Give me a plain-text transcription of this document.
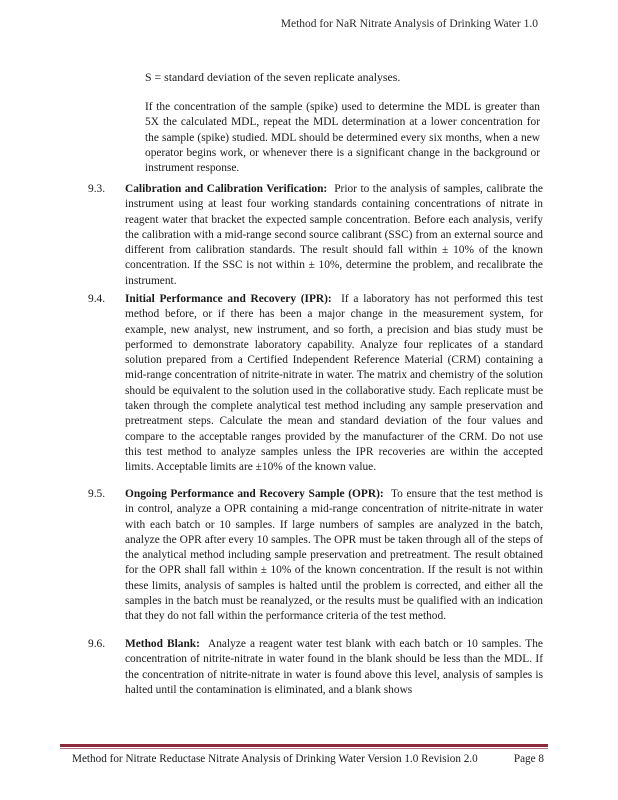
Method for NaR Nitrate Analysis of Drinking Water 1.0

S = standard deviation of the seven replicate analyses.

If the concentration of the sample (spike) used to determine the MDL is greater than 5X the calculated MDL, repeat the MDL determination at a lower concentration for the sample (spike) studied. MDL should be determined every six months, when a new operator begins work, or whenever there is a significant change in the background or instrument response.

9.3. Calibration and Calibration Verification: Prior to the analysis of samples, calibrate the instrument using at least four working standards containing concentrations of nitrate in reagent water that bracket the expected sample concentration. Before each analysis, verify the calibration with a mid-range second source calibrant (SSC) from an external source and different from calibration standards. The result should fall within ± 10% of the known concentration. If the SSC is not within ± 10%, determine the problem, and recalibrate the instrument.

9.4. Initial Performance and Recovery (IPR): If a laboratory has not performed this test method before, or if there has been a major change in the measurement system, for example, new analyst, new instrument, and so forth, a precision and bias study must be performed to demonstrate laboratory capability. Analyze four replicates of a standard solution prepared from a Certified Independent Reference Material (CRM) containing a mid-range concentration of nitrite-nitrate in water. The matrix and chemistry of the solution should be equivalent to the solution used in the collaborative study. Each replicate must be taken through the complete analytical test method including any sample preservation and pretreatment steps. Calculate the mean and standard deviation of the four values and compare to the acceptable ranges provided by the manufacturer of the CRM. Do not use this test method to analyze samples unless the IPR recoveries are within the accepted limits. Acceptable limits are ±10% of the known value.

9.5. Ongoing Performance and Recovery Sample (OPR): To ensure that the test method is in control, analyze a OPR containing a mid-range concentration of nitrite-nitrate in water with each batch or 10 samples. If large numbers of samples are analyzed in the batch, analyze the OPR after every 10 samples. The OPR must be taken through all of the steps of the analytical method including sample preservation and pretreatment. The result obtained for the OPR shall fall within ± 10% of the known concentration. If the result is not within these limits, analysis of samples is halted until the problem is corrected, and either all the samples in the batch must be reanalyzed, or the results must be qualified with an indication that they do not fall within the performance criteria of the test method.

9.6. Method Blank: Analyze a reagent water test blank with each batch or 10 samples. The concentration of nitrite-nitrate in water found in the blank should be less than the MDL. If the concentration of nitrite-nitrate in water is found above this level, analysis of samples is halted until the contamination is eliminated, and a blank shows

Method for Nitrate Reductase Nitrate Analysis of Drinking Water Version 1.0 Revision 2.0	Page 8
